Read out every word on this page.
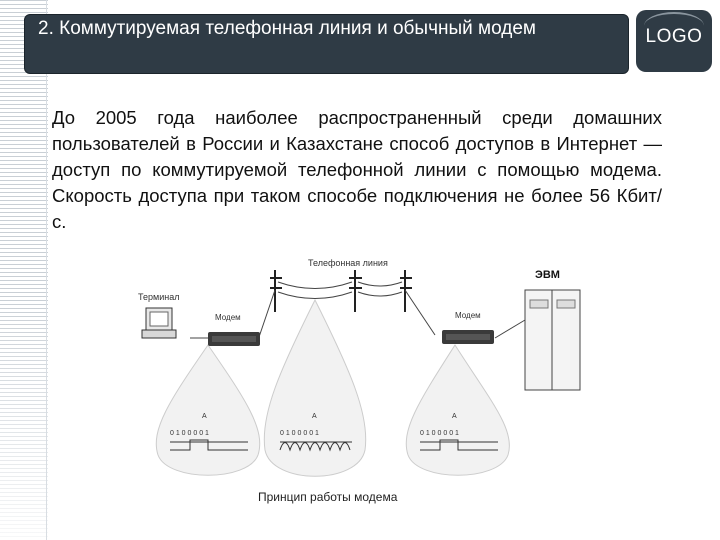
2. Коммутируемая телефонная линия и обычный модем	LOGO
До 2005 года наиболее распространенный среди домашних пользователей в России и Казахстане способ доступов в Интернет — доступ по коммутируемой телефонной линии с помощью модема. Скорость доступа при таком способе подключения не более 56 Кбит/с.
Телефонная линия
Терминал
Модем	Модем
ЭВМ
0 1 0 0 0 0 1
A
0 1 0 0 0 0 1
A
0 1 0 0 0 0 1
A
Принцип работы модема
